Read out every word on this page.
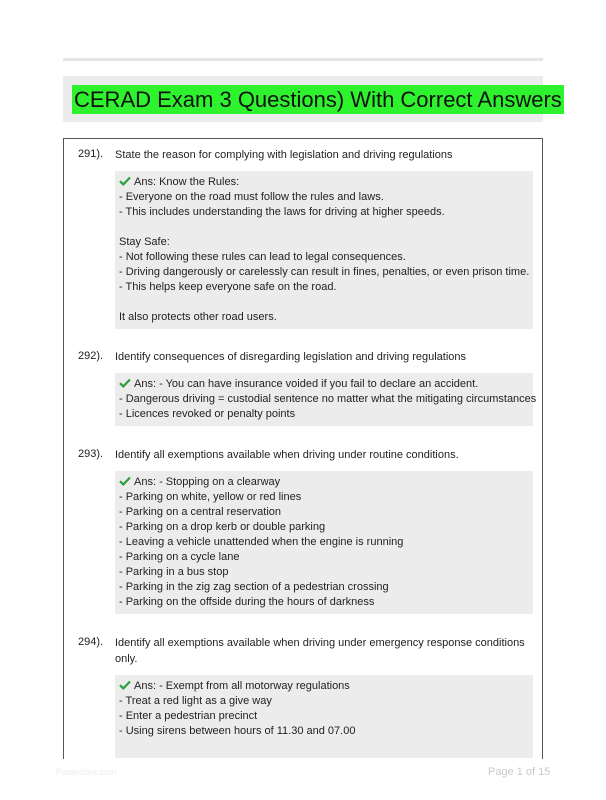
CERAD Exam 3 Questions) With Correct Answers
291). State the reason for complying with legislation and driving regulations
Ans: Know the Rules:
- Everyone on the road must follow the rules and laws.
- This includes understanding the laws for driving at higher speeds.
Stay Safe:
- Not following these rules can lead to legal consequences.
- Driving dangerously or carelessly can result in fines, penalties, or even prison time.
- This helps keep everyone safe on the road.
It also protects other road users.
292). Identify consequences of disregarding legislation and driving regulations
Ans: - You can have insurance voided if you fail to declare an accident.
- Dangerous driving = custodial sentence no matter what the mitigating circumstances
- Licences revoked or penalty points
293). Identify all exemptions available when driving under routine conditions.
Ans: - Stopping on a clearway
- Parking on white, yellow or red lines
- Parking on a central reservation
- Parking on a drop kerb or double parking
- Leaving a vehicle unattended when the engine is running
- Parking on a cycle lane
- Parking in a bus stop
- Parking in the zig zag section of a pedestrian crossing
- Parking on the offside during the hours of darkness
294). Identify all exemptions available when driving under emergency response conditions only.
Ans: - Exempt from all motorway regulations
- Treat a red light as a give way
- Enter a pedestrian precinct
- Using sirens between hours of 11.30 and 07.00
Paperlibre.com	Page 1 of 15
